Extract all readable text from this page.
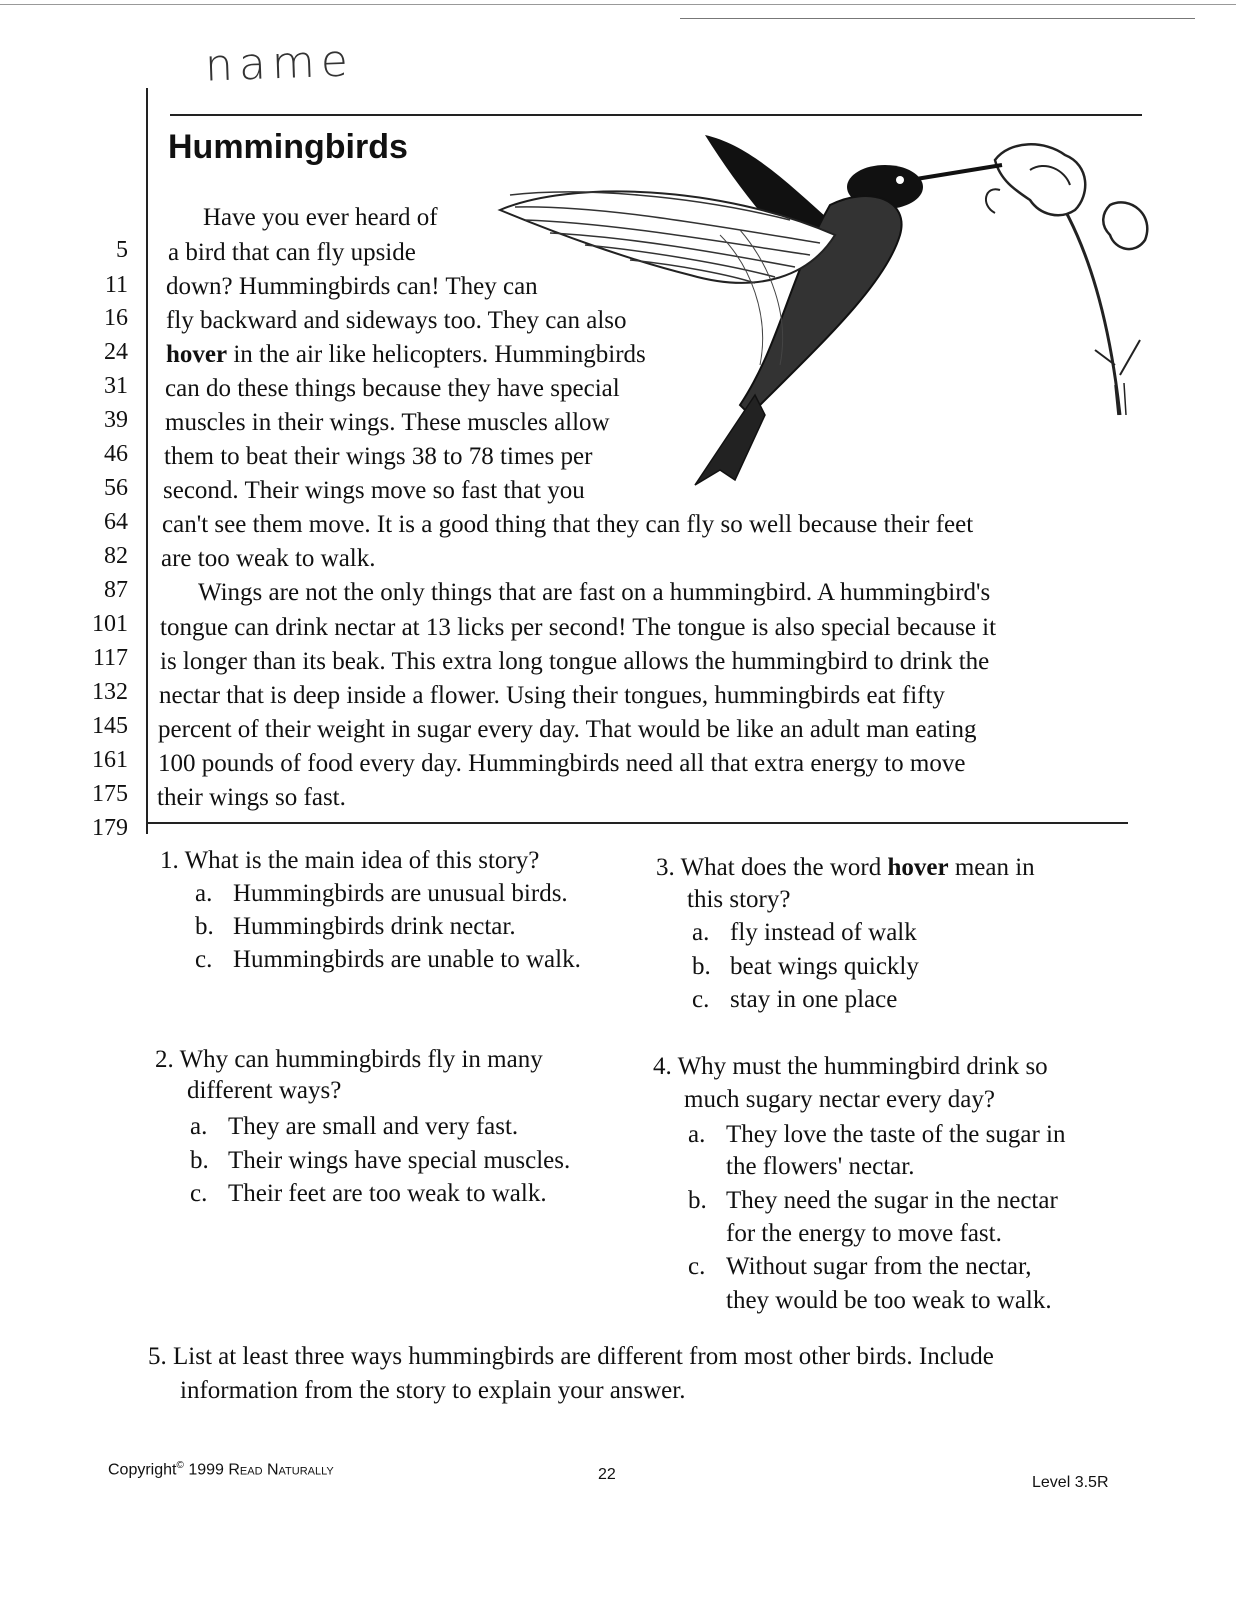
name
Hummingbirds
5
11
16
24
31
39
46
56
64
82
87
101
117
132
145
161
175
179
Have you ever heard of
a bird that can fly upside
down? Hummingbirds can! They can
fly backward and sideways too. They can also
hover in the air like helicopters. Hummingbirds
can do these things because they have special
muscles in their wings. These muscles allow
them to beat their wings 38 to 78 times per
second. Their wings move so fast that you
can't see them move. It is a good thing that they can fly so well because their feet
are too weak to walk.
Wings are not the only things that are fast on a hummingbird. A hummingbird's
tongue can drink nectar at 13 licks per second! The tongue is also special because it
is longer than its beak. This extra long tongue allows the hummingbird to drink the
nectar that is deep inside a flower. Using their tongues, hummingbirds eat fifty
percent of their weight in sugar every day. That would be like an adult man eating
100 pounds of food every day. Hummingbirds need all that extra energy to move
their wings so fast.
1. What is the main idea of this story?
a. Hummingbirds are unusual birds.
b. Hummingbirds drink nectar.
c. Hummingbirds are unable to walk.
3. What does the word hover mean in
this story?
a. fly instead of walk
b. beat wings quickly
c. stay in one place
2. Why can hummingbirds fly in many
different ways?
a. They are small and very fast.
b. Their wings have special muscles.
c. Their feet are too weak to walk.
4. Why must the hummingbird drink so
much sugary nectar every day?
a. They love the taste of the sugar in
the flowers' nectar.
b. They need the sugar in the nectar
for the energy to move fast.
c. Without sugar from the nectar,
they would be too weak to walk.
5. List at least three ways hummingbirds are different from most other birds. Include
information from the story to explain your answer.
Copyright© 1999 Read Naturally	22	Level 3.5R
